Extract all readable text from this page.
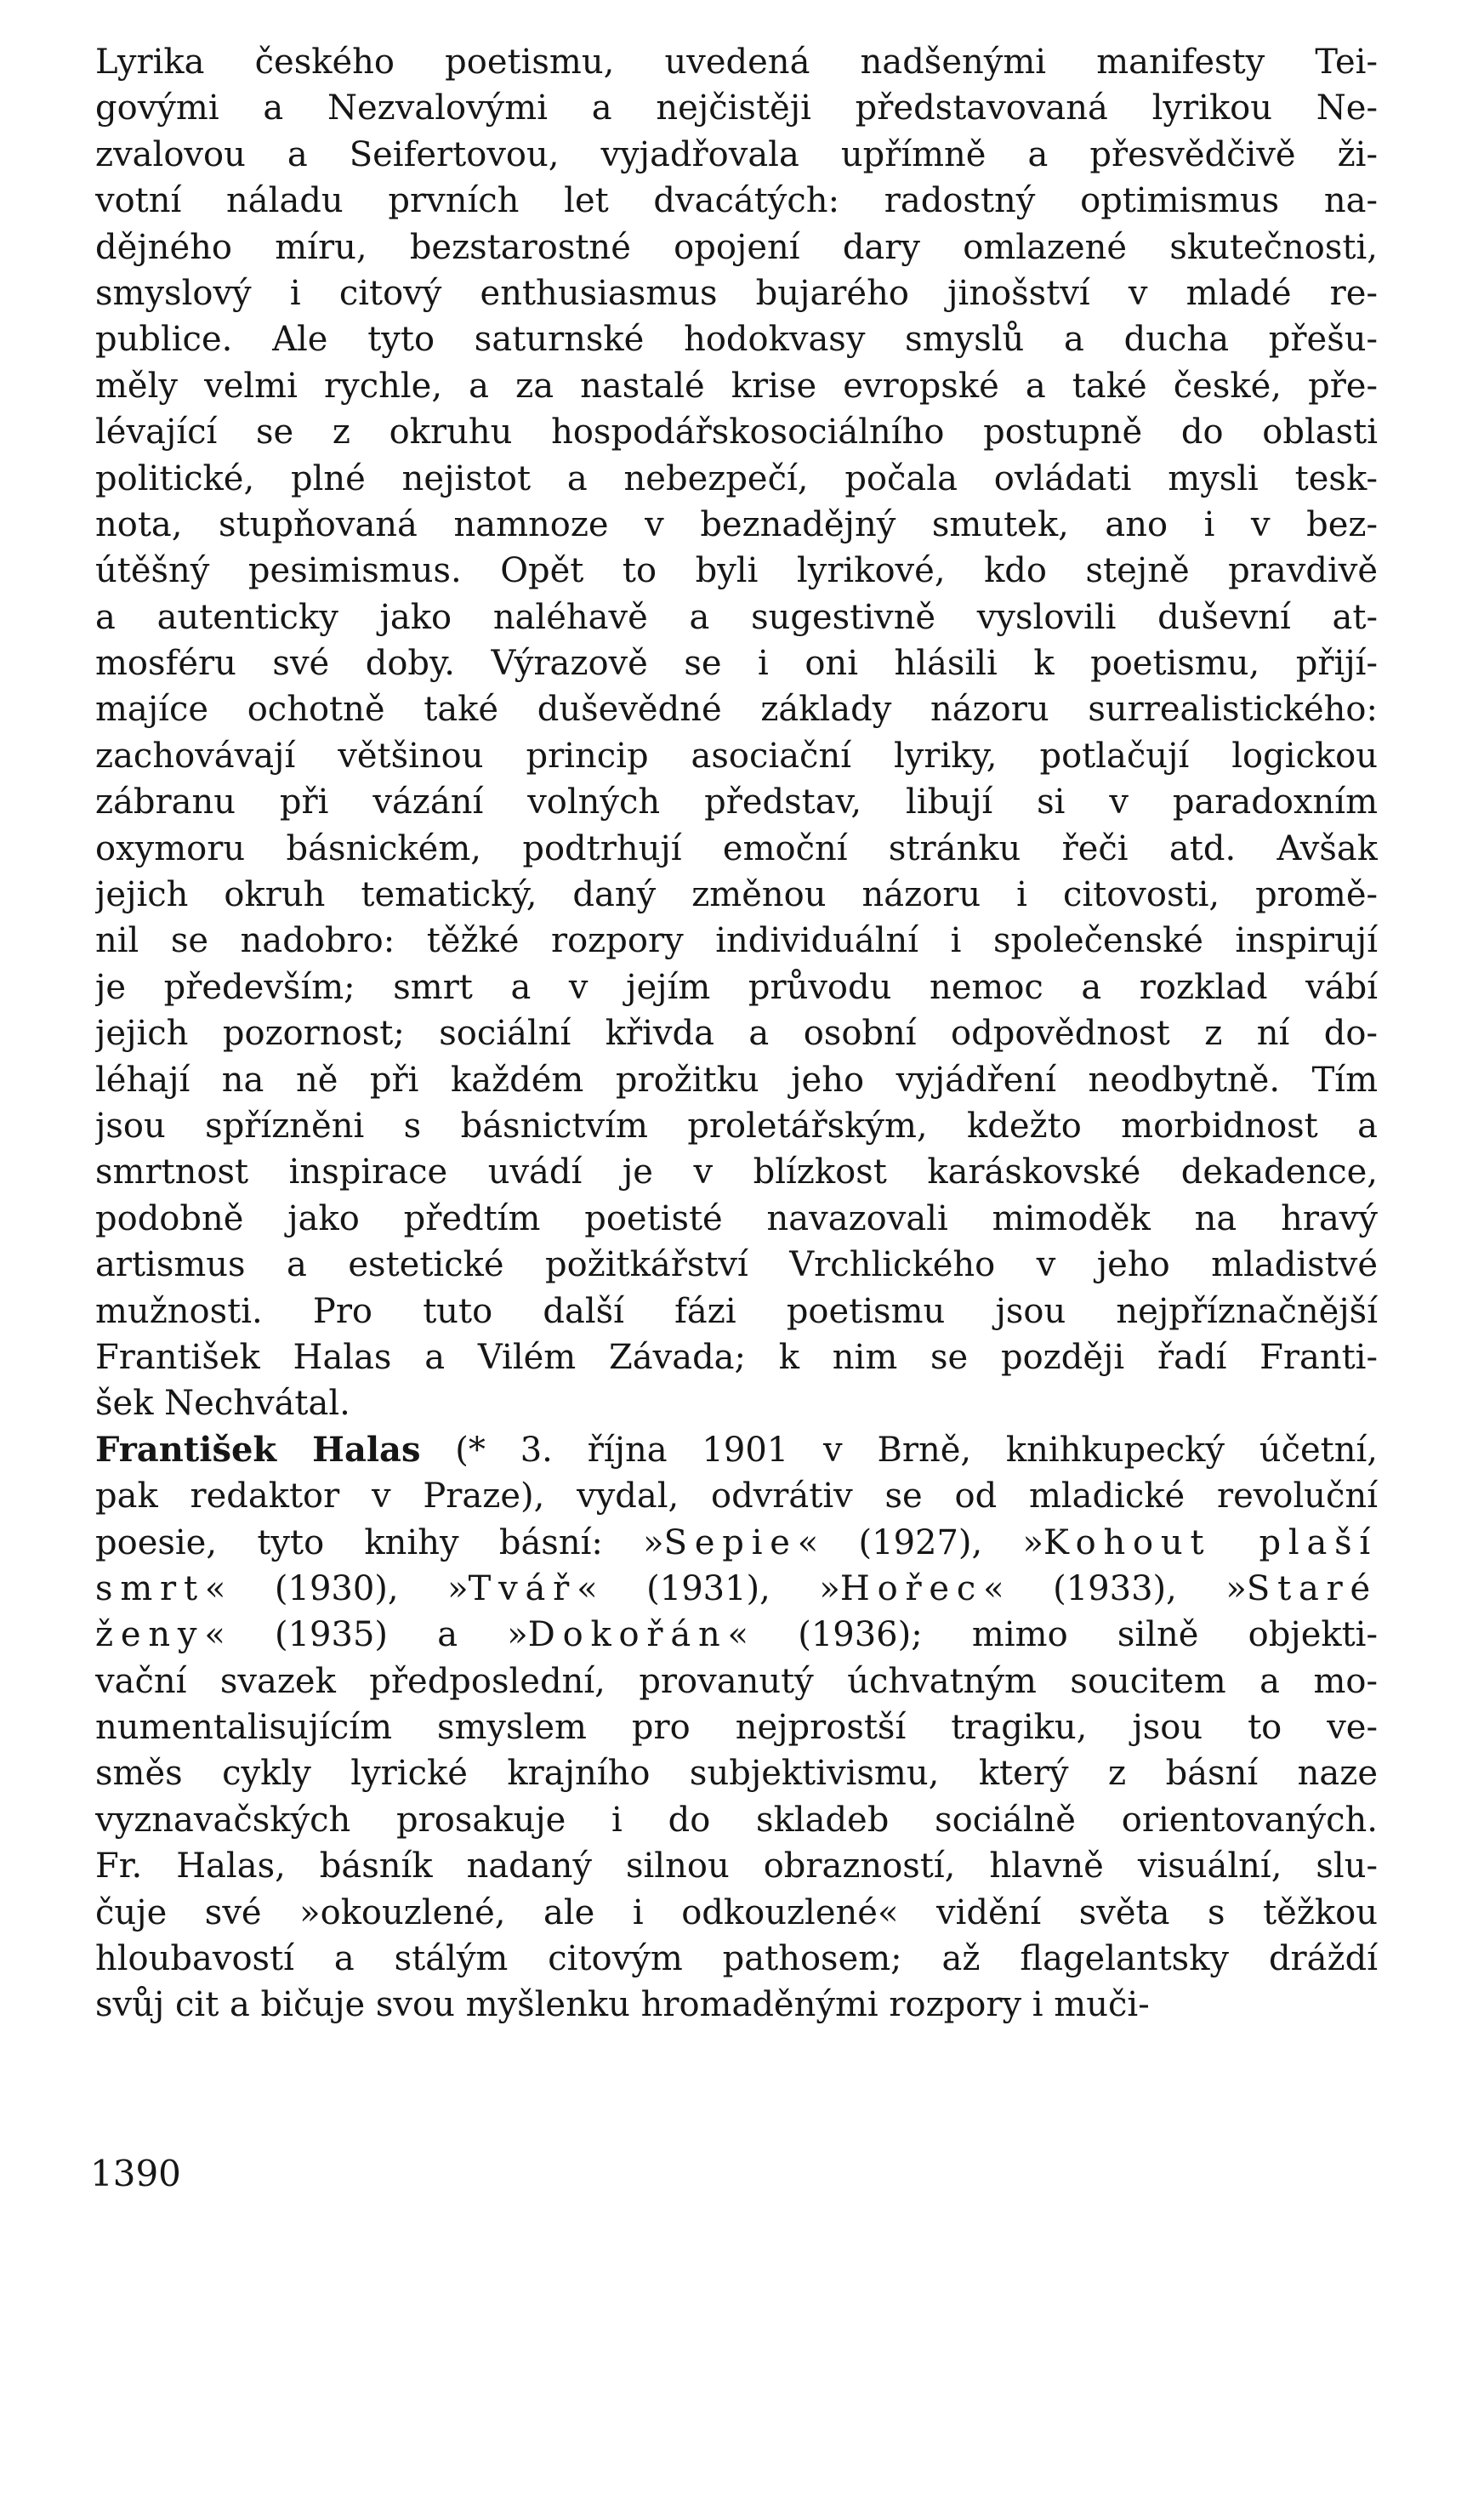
Lyrika českého poetismu, uvedená nadšenými manifesty Tei-
govými a Nezvalovými a nejčistěji představovaná lyrikou Ne-
zvalovou a Seifertovou, vyjadřovala upřímně a přesvědčivě ži-
votní náladu prvních let dvacátých: radostný optimismus na-
dějného míru, bezstarostné opojení dary omlazené skutečnosti,
smyslový i citový enthusiasmus bujarého jinošství v mladé re-
publice. Ale tyto saturnské hodokvasy smyslů a ducha přešu-
měly velmi rychle, a za nastalé krise evropské a také české, pře-
lévající se z okruhu hospodářskosociálního postupně do oblasti
politické, plné nejistot a nebezpečí, počala ovládati mysli tesk-
nota, stupňovaná namnoze v beznadějný smutek, ano i v bez-
útěšný pesimismus. Opět to byli lyrikové, kdo stejně pravdivě
a autenticky jako naléhavě a sugestivně vyslovili duševní at-
mosféru své doby. Výrazově se i oni hlásili k poetismu, přijí-
majíce ochotně také duševědné základy názoru surrealistického:
zachovávají většinou princip asociační lyriky, potlačují logickou
zábranu při vázání volných představ, libují si v paradoxním
oxymoru básnickém, podtrhují emoční stránku řeči atd. Avšak
jejich okruh tematický, daný změnou názoru i citovosti, promě-
nil se nadobro: těžké rozpory individuální i společenské inspirují
je především; smrt a v jejím průvodu nemoc a rozklad vábí
jejich pozornost; sociální křivda a osobní odpovědnost z ní do-
léhají na ně při každém prožitku jeho vyjádření neodbytně. Tím
jsou spřízněni s básnictvím proletářským, kdežto morbidnost a
smrtnost inspirace uvádí je v blízkost karáskovské dekadence,
podobně jako předtím poetisté navazovali mimoděk na hravý
artismus a estetické požitkářství Vrchlického v jeho mladistvé
mužnosti. Pro tuto další fázi poetismu jsou nejpříznačnější
František Halas a Vilém Závada; k nim se později řadí Franti-
šek Nechvátal.
František Halas (* 3. října 1901 v Brně, knihkupecký účetní,
pak redaktor v Praze), vydal, odvrátiv se od mladické revoluční
poesie, tyto knihy básní: »Sepie« (1927), »Kohout plaší
smrt« (1930), »Tvář« (1931), »Hořec« (1933), »Staré
ženy« (1935) a »Dokořán« (1936); mimo silně objekti-
vační svazek předposlední, provanutý úchvatným soucitem a mo-
numentalisujícím smyslem pro nejprostší tragiku, jsou to ve-
směs cykly lyrické krajního subjektivismu, který z básní naze
vyznavačských prosakuje i do skladeb sociálně orientovaných.
Fr. Halas, básník nadaný silnou obrazností, hlavně visuální, slu-
čuje své »okouzlené, ale i odkouzlené« vidění světa s těžkou
hloubavostí a stálým citovým pathosem; až flagelantsky dráždí
svůj cit a bičuje svou myšlenku hromaděnými rozpory i muči-
1390
